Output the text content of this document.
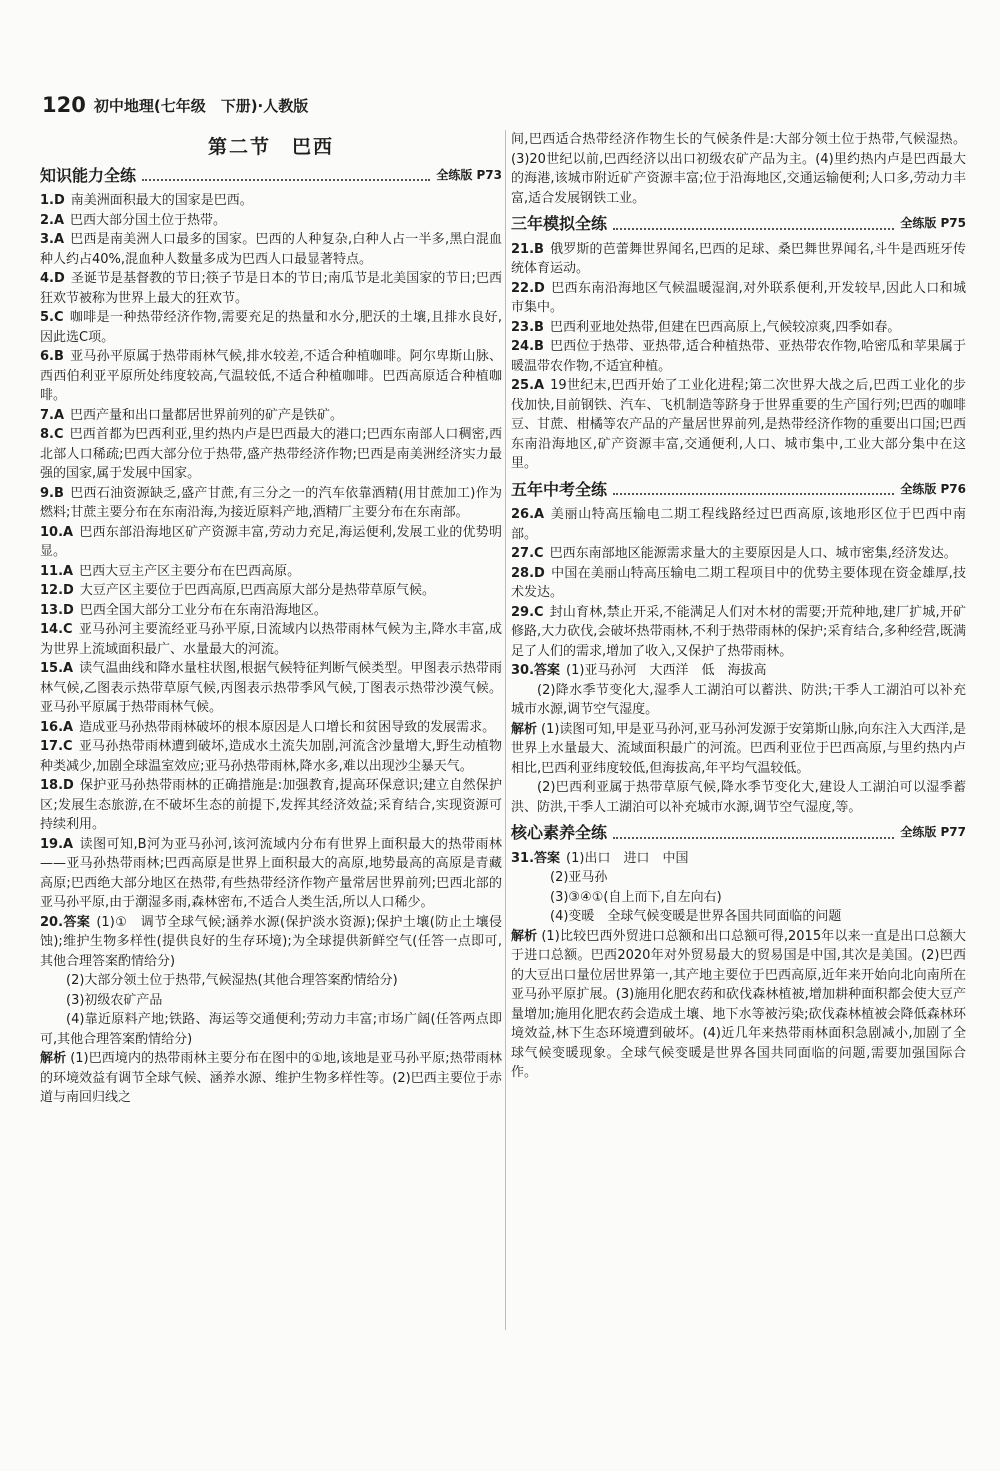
120 初中地理(七年级　下册)·人教版
第二节　巴西
知识能力全练	全练版 P73

1.D 南美洲面积最大的国家是巴西。

2.A 巴西大部分国土位于热带。

3.A 巴西是南美洲人口最多的国家。巴西的人种复杂,白种人占一半多,黑白混血种人约占40%,混血种人数量多成为巴西人口最显著特点。

4.D 圣诞节是基督教的节日;筷子节是日本的节日;南瓜节是北美国家的节日;巴西狂欢节被称为世界上最大的狂欢节。

5.C 咖啡是一种热带经济作物,需要充足的热量和水分,肥沃的土壤,且排水良好,因此选C项。

6.B 亚马孙平原属于热带雨林气候,排水较差,不适合种植咖啡。阿尔卑斯山脉、西西伯利亚平原所处纬度较高,气温较低,不适合种植咖啡。巴西高原适合种植咖啡。

7.A 巴西产量和出口量都居世界前列的矿产是铁矿。

8.C 巴西首都为巴西利亚,里约热内卢是巴西最大的港口;巴西东南部人口稠密,西北部人口稀疏;巴西大部分位于热带,盛产热带经济作物;巴西是南美洲经济实力最强的国家,属于发展中国家。

9.B 巴西石油资源缺乏,盛产甘蔗,有三分之一的汽车依靠酒精(用甘蔗加工)作为燃料;甘蔗主要分布在东南沿海,为接近原料产地,酒精厂主要分布在东南部。

10.A 巴西东部沿海地区矿产资源丰富,劳动力充足,海运便利,发展工业的优势明显。

11.A 巴西大豆主产区主要分布在巴西高原。

12.D 大豆产区主要位于巴西高原,巴西高原大部分是热带草原气候。

13.D 巴西全国大部分工业分布在东南沿海地区。

14.C 亚马孙河主要流经亚马孙平原,日流域内以热带雨林气候为主,降水丰富,成为世界上流域面积最广、水量最大的河流。

15.A 读气温曲线和降水量柱状图,根据气候特征判断气候类型。甲图表示热带雨林气候,乙图表示热带草原气候,丙图表示热带季风气候,丁图表示热带沙漠气候。亚马孙平原属于热带雨林气候。

16.A 造成亚马孙热带雨林破坏的根本原因是人口增长和贫困导致的发展需求。

17.C 亚马孙热带雨林遭到破坏,造成水土流失加剧,河流含沙量增大,野生动植物种类减少,加剧全球温室效应;亚马孙热带雨林,降水多,难以出现沙尘暴天气。

18.D 保护亚马孙热带雨林的正确措施是:加强教育,提高环保意识;建立自然保护区;发展生态旅游,在不破坏生态的前提下,发挥其经济效益;采育结合,实现资源可持续利用。

19.A 读图可知,B河为亚马孙河,该河流域内分布有世界上面积最大的热带雨林——亚马孙热带雨林;巴西高原是世界上面积最大的高原,地势最高的高原是青藏高原;巴西绝大部分地区在热带,有些热带经济作物产量常居世界前列;巴西北部的亚马孙平原,由于潮湿多雨,森林密布,不适合人类生活,所以人口稀少。

20.答案 (1)①　调节全球气候;涵养水源(保护淡水资源);保护土壤(防止土壤侵蚀);维护生物多样性(提供良好的生存环境);为全球提供新鲜空气(任答一点即可,其他合理答案酌情给分)

(2)大部分领土位于热带,气候湿热(其他合理答案酌情给分)

(3)初级农矿产品

(4)靠近原料产地;铁路、海运等交通便利;劳动力丰富;市场广阔(任答两点即可,其他合理答案酌情给分)

解析 (1)巴西境内的热带雨林主要分布在图中的①地,该地是亚马孙平原;热带雨林的环境效益有调节全球气候、涵养水源、维护生物多样性等。(2)巴西主要位于赤道与南回归线之

间,巴西适合热带经济作物生长的气候条件是:大部分领土位于热带,气候湿热。(3)20世纪以前,巴西经济以出口初级农矿产品为主。(4)里约热内卢是巴西最大的海港,该城市附近矿产资源丰富;位于沿海地区,交通运输便利;人口多,劳动力丰富,适合发展钢铁工业。

三年模拟全练	全练版 P75

21.B 俄罗斯的芭蕾舞世界闻名,巴西的足球、桑巴舞世界闻名,斗牛是西班牙传统体育运动。

22.D 巴西东南沿海地区气候温暖湿润,对外联系便利,开发较早,因此人口和城市集中。

23.B 巴西利亚地处热带,但建在巴西高原上,气候较凉爽,四季如春。

24.B 巴西位于热带、亚热带,适合种植热带、亚热带农作物,哈密瓜和苹果属于暖温带农作物,不适宜种植。

25.A 19世纪末,巴西开始了工业化进程;第二次世界大战之后,巴西工业化的步伐加快,目前钢铁、汽车、飞机制造等跻身于世界重要的生产国行列;巴西的咖啡豆、甘蔗、柑橘等农产品的产量居世界前列,是热带经济作物的重要出口国;巴西东南沿海地区,矿产资源丰富,交通便利,人口、城市集中,工业大部分集中在这里。

五年中考全练	全练版 P76

26.A 美丽山特高压输电二期工程线路经过巴西高原,该地形区位于巴西中南部。

27.C 巴西东南部地区能源需求量大的主要原因是人口、城市密集,经济发达。

28.D 中国在美丽山特高压输电二期工程项目中的优势主要体现在资金雄厚,技术发达。

29.C 封山育林,禁止开采,不能满足人们对木材的需要;开荒种地,建厂扩城,开矿修路,大力砍伐,会破坏热带雨林,不利于热带雨林的保护;采育结合,多种经营,既满足了人们的需求,增加了收入,又保护了热带雨林。

30.答案 (1)亚马孙河　大西洋　低　海拔高

(2)降水季节变化大,湿季人工湖泊可以蓄洪、防洪;干季人工湖泊可以补充城市水源,调节空气湿度。

解析 (1)读图可知,甲是亚马孙河,亚马孙河发源于安第斯山脉,向东注入大西洋,是世界上水量最大、流域面积最广的河流。巴西利亚位于巴西高原,与里约热内卢相比,巴西利亚纬度较低,但海拔高,年平均气温较低。

(2)巴西利亚属于热带草原气候,降水季节变化大,建设人工湖泊可以湿季蓄洪、防洪,干季人工湖泊可以补充城市水源,调节空气湿度,等。

核心素养全练	全练版 P77

31.答案 (1)出口　进口　中国

(2)亚马孙

(3)③④①(自上而下,自左向右)

(4)变暖　全球气候变暖是世界各国共同面临的问题

解析 (1)比较巴西外贸进口总额和出口总额可得,2015年以来一直是出口总额大于进口总额。巴西2020年对外贸易最大的贸易国是中国,其次是美国。(2)巴西的大豆出口量位居世界第一,其产地主要位于巴西高原,近年来开始向北向南所在亚马孙平原扩展。(3)施用化肥农药和砍伐森林植被,增加耕种面积都会使大豆产量增加;施用化肥农药会造成土壤、地下水等被污染;砍伐森林植被会降低森林环境效益,林下生态环境遭到破坏。(4)近几年来热带雨林面积急剧减小,加剧了全球气候变暖现象。全球气候变暖是世界各国共同面临的问题,需要加强国际合作。
